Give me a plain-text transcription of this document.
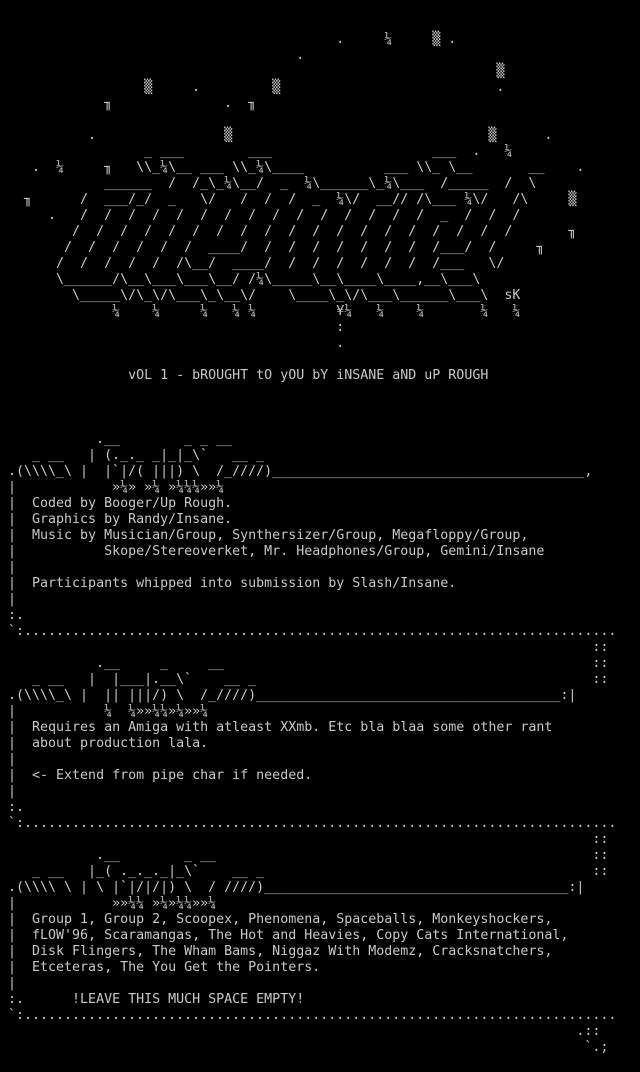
.     ¼     ▒ .
.
▒
▒     .         ▒                           .
╖              .  ╖
.                ▒                                ▒      .
_ ___        ___                    ___  .   ¼
.  ¼     ╖   \\_¼\__ ___ \\_¼\____          ___ \\_ \__       __    .
______  /  /_\_¼\__/  _  ¼\______\_¼\___  /_____  /  \
╖      /  ___/_/  _   \/   /  /  /  _  ¼\/  __// /\___ ¼\/   /\     ▒
.   /  /  /  /  /  /  /  /  /  /  /  /  /  /  /  _  /  /  /
/  /  /  /  /  /  /  /  /  /  /  /  /  /  /  /  /  /  /       ╖
/  /  /  /  /  /  ____/  /  /  /  /  /  /  /  /___/  /     ╖
/  /  /  /  /  /\__/  ____/  /  /  /  /  /  /  /___   \/
\______/\__\___\___\__/ /¼\_____\__\____\____,__\___\
\_____\/\_\/\___\_\__\/    \____\_\/\___\______\___\  sK
¼    ¼     ¼   ¼ ¼          ¥¼   ¼    ¼       ¼   ¼
:
.
vOL 1 - bROUGHT tO yOU bY iNSANE aND uP ROUGH
.__        _ _ __
_ __   | (._._ _|_|_\`   __ _
.(\\\\_\ |  |`|/( |||) \  /_////)_______________________________________,
|            »¼» »¼ »¼¼¼»»¼
|  Coded by Booger/Up Rough.
|  Graphics by Randy/Insane.
|  Music by Musician/Group, Synthersizer/Group, Megafloppy/Group,
|           Skope/Stereoverket, Mr. Headphones/Group, Gemini/Insane
|
|  Participants whipped into submission by Slash/Insane.
|
:.
`:..........................................................................
::
.__     _     __                                              ::
_ __   |  |___|.__\`    __ _                                          ::
.(\\\\_\ |  || |||/) \  /_////)______________________________________:|
|           ¼  ¼»»¼¼»¼»»¼
|  Requires an Amiga with atleast XXmb. Etc bla blaa some other rant
|  about production lala.
|
|  <- Extend from pipe char if needed.
|
:.
`:..........................................................................
::
.__        _ __                                               ::
_ __   |_( ._._._|_\`    __ _                                         ::
.(\\\\ \ | \ |`|/|/|) \  / ////)______________________________________:|
|            »»¼¼ »¼»¼¼»»¼
|  Group 1, Group 2, Scoopex, Phenomena, Spaceballs, Monkeyshockers,
|  fLOW'96, Scaramangas, The Hot and Heavies, Copy Cats International,
|  Disk Flingers, The Wham Bams, Niggaz With Modemz, Cracksnatchers,
|  Etceteras, The You Get the Pointers.
|
:.      !LEAVE THIS MUCH SPACE EMPTY!
`:..........................................................................
.::
`.;
